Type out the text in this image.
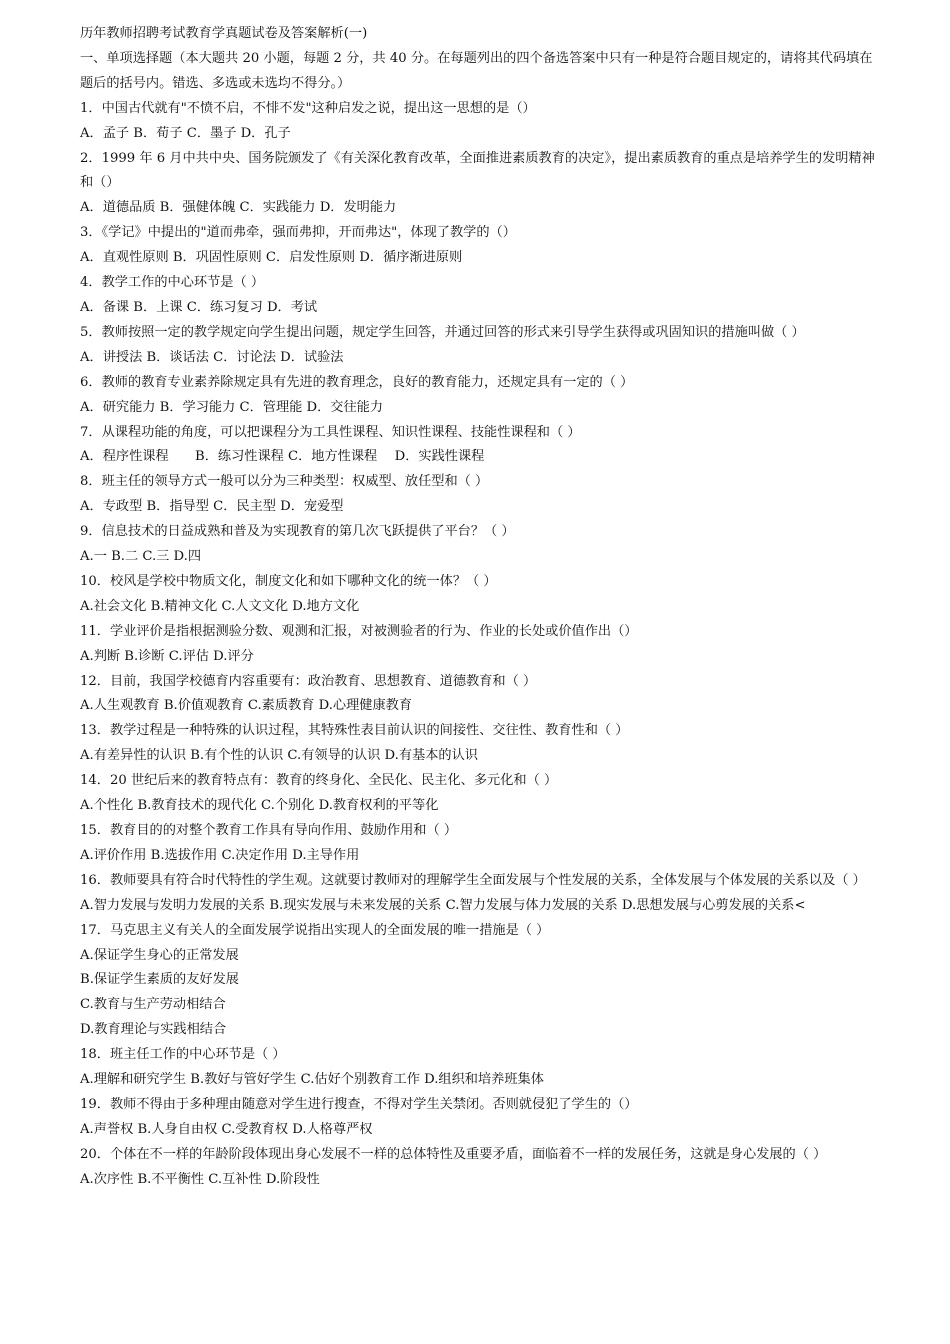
历年教师招聘考试教育学真题试卷及答案解析(一)
一、单项选择题（本大题共 20 小题，每题 2 分，共 40 分。在每题列出的四个备选答案中只有一种是符合题目规定的，请将其代码填在题后的括号内。错选、多选或未选均不得分。）
1．中国古代就有"不愤不启，不悱不发"这种启发之说，提出这一思想的是（）
A．孟子 B．荀子 C．墨子 D．孔子
2．1999 年 6 月中共中央、国务院颁发了《有关深化教育改革，全面推进素质教育的决定》，提出素质教育的重点是培养学生的发明精神和（）
A．道德品质 B．强健体魄 C．实践能力 D．发明能力
3．《学记》中提出的"道而弗牵，强而弗抑，开而弗达"，体现了教学的（）
A．直观性原则 B．巩固性原则 C．启发性原则 D．循序渐进原则
4．教学工作的中心环节是（ ）
A．备课 B．上课 C．练习复习 D．考试
5．教师按照一定的教学规定向学生提出问题，规定学生回答，并通过回答的形式来引导学生获得或巩固知识的措施叫做（ ）
A．讲授法 B．谈话法 C．讨论法 D．试验法
6．教师的教育专业素养除规定具有先进的教育理念，良好的教育能力，还规定具有一定的（ ）
A．研究能力 B．学习能力 C．管理能 D．交往能力
7．从课程功能的角度，可以把课程分为工具性课程、知识性课程、技能性课程和（ ）
A．程序性课程　　B．练习性课程 C．地方性课程　 D．实践性课程
8．班主任的领导方式一般可以分为三种类型：权威型、放任型和（ ）
A．专政型 B．指导型 C．民主型 D．宠爱型
9．信息技术的日益成熟和普及为实现教育的第几次飞跃提供了平台？（ ）
A.一 B.二 C.三 D.四
10．校风是学校中物质文化，制度文化和如下哪种文化的统一体？（ ）
A.社会文化 B.精神文化 C.人文文化 D.地方文化
11．学业评价是指根据测验分数、观测和汇报，对被测验者的行为、作业的长处或价值作出（）
A.判断 B.诊断 C.评估 D.评分
12．目前，我国学校德育内容重要有：政治教育、思想教育、道德教育和（ ）
A.人生观教育 B.价值观教育 C.素质教育 D.心理健康教育
13．教学过程是一种特殊的认识过程，其特殊性表目前认识的间接性、交往性、教育性和（ ）
A.有差异性的认识 B.有个性的认识 C.有领导的认识 D.有基本的认识
14．20 世纪后来的教育特点有：教育的终身化、全民化、民主化、多元化和（ ）
A.个性化 B.教育技术的现代化 C.个别化 D.教育权利的平等化
15．教育目的的对整个教育工作具有导向作用、鼓励作用和（ ）
A.评价作用 B.选拔作用 C.决定作用 D.主导作用
16．教师要具有符合时代特性的学生观。这就要讨教师对的理解学生全面发展与个性发展的关系，全体发展与个体发展的关系以及（ ）
A.智力发展与发明力发展的关系 B.现实发展与未来发展的关系 C.智力发展与体力发展的关系 D.思想发展与心剪发展的关系<
17．马克思主义有关人的全面发展学说指出实现人的全面发展的唯一措施是（ ）
A.保证学生身心的正常发展
B.保证学生素质的友好发展
C.教育与生产劳动相结合
D.教育理论与实践相结合
18．班主任工作的中心环节是（ ）
A.理解和研究学生 B.教好与管好学生 C.估好个别教育工作 D.组织和培养班集体
19．教师不得由于多种理由随意对学生进行搜查，不得对学生关禁闭。否则就侵犯了学生的（）
A.声誉权 B.人身自由权 C.受教育权 D.人格尊严权
20．个体在不一样的年龄阶段体现出身心发展不一样的总体特性及重要矛盾，面临着不一样的发展任务，这就是身心发展的（ ）
A.次序性 B.不平衡性 C.互补性 D.阶段性
